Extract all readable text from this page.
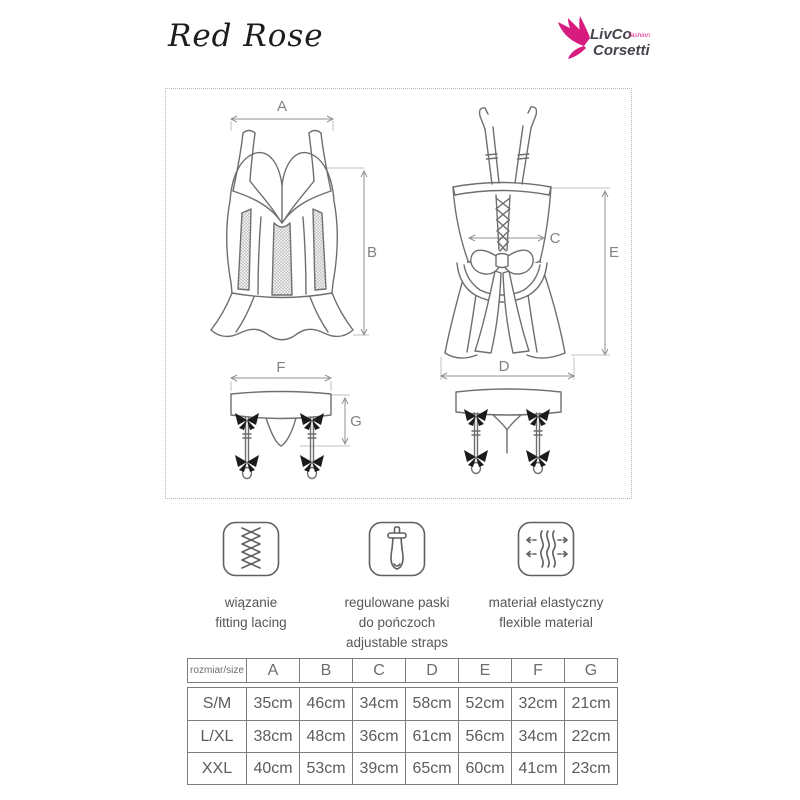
Red Rose	LivCo
fashion
Corsetti
A
B
C
E
D
F
G
wiązanie
fitting lacing
regulowane paski
do pończoch
adjustable straps
materiał elastyczny
flexible material
rozmiar/size	A	B	C	D	E	F	G
S/M	35cm 46cm 34cm 58cm 52cm 32cm 21cm
L/XL	38cm 48cm 36cm 61cm 56cm 34cm 22cm
XXL	40cm 53cm 39cm 65cm 60cm 41cm 23cm
